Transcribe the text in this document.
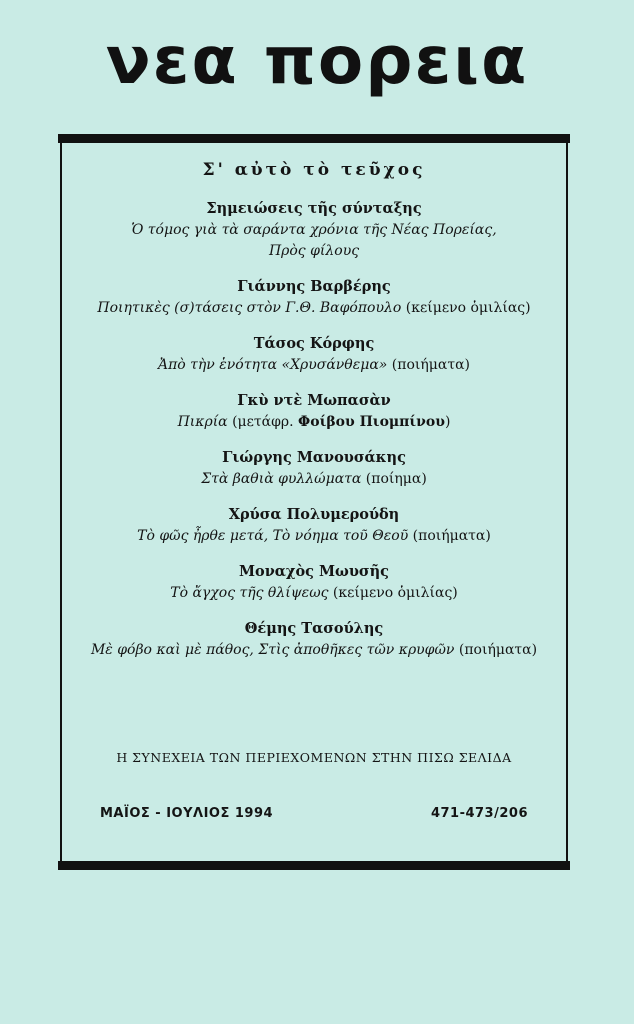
νεα πορεια
Σ' αὐτὸ τὸ τεῦχος
Σημειώσεις τῆς σύνταξης
Ὁ τόμος γιὰ τὰ σαράντα χρόνια τῆς Νέας Πορείας,
Πρὸς φίλους
Γιάννης Βαρβέρης
Ποιητικὲς (σ)τάσεις στὸν Γ.Θ. Βαφόπουλο (κείμενο ὁμιλίας)
Τάσος Κόρφης
Ἀπὸ τὴν ἑνότητα «Χρυσάνθεμα» (ποιήματα)
Γκὺ ντὲ Μωπασὰν
Πικρία (μετάφρ. Φοίβου Πιομπίνου)
Γιώργης Μανουσάκης
Στὰ βαθιὰ φυλλώματα (ποίημα)
Χρύσα Πολυμερούδη
Τὸ φῶς ἦρθε μετά, Τὸ νόημα τοῦ Θεοῦ (ποιήματα)
Μοναχὸς Μωυσῆς
Τὸ ἄγχος τῆς θλίψεως (κείμενο ὁμιλίας)
Θέμης Τασούλης
Μὲ φόβο καὶ μὲ πάθος, Στὶς ἀποθῆκες τῶν κρυφῶν (ποιήματα)
Η ΣΥΝΕΧΕΙΑ ΤΩΝ ΠΕΡΙΕΧΟΜΕΝΩΝ ΣΤΗΝ ΠΙΣΩ ΣΕΛΙΔΑ
ΜΑΪΟΣ - ΙΟΥΛΙΟΣ 1994	471-473/206
